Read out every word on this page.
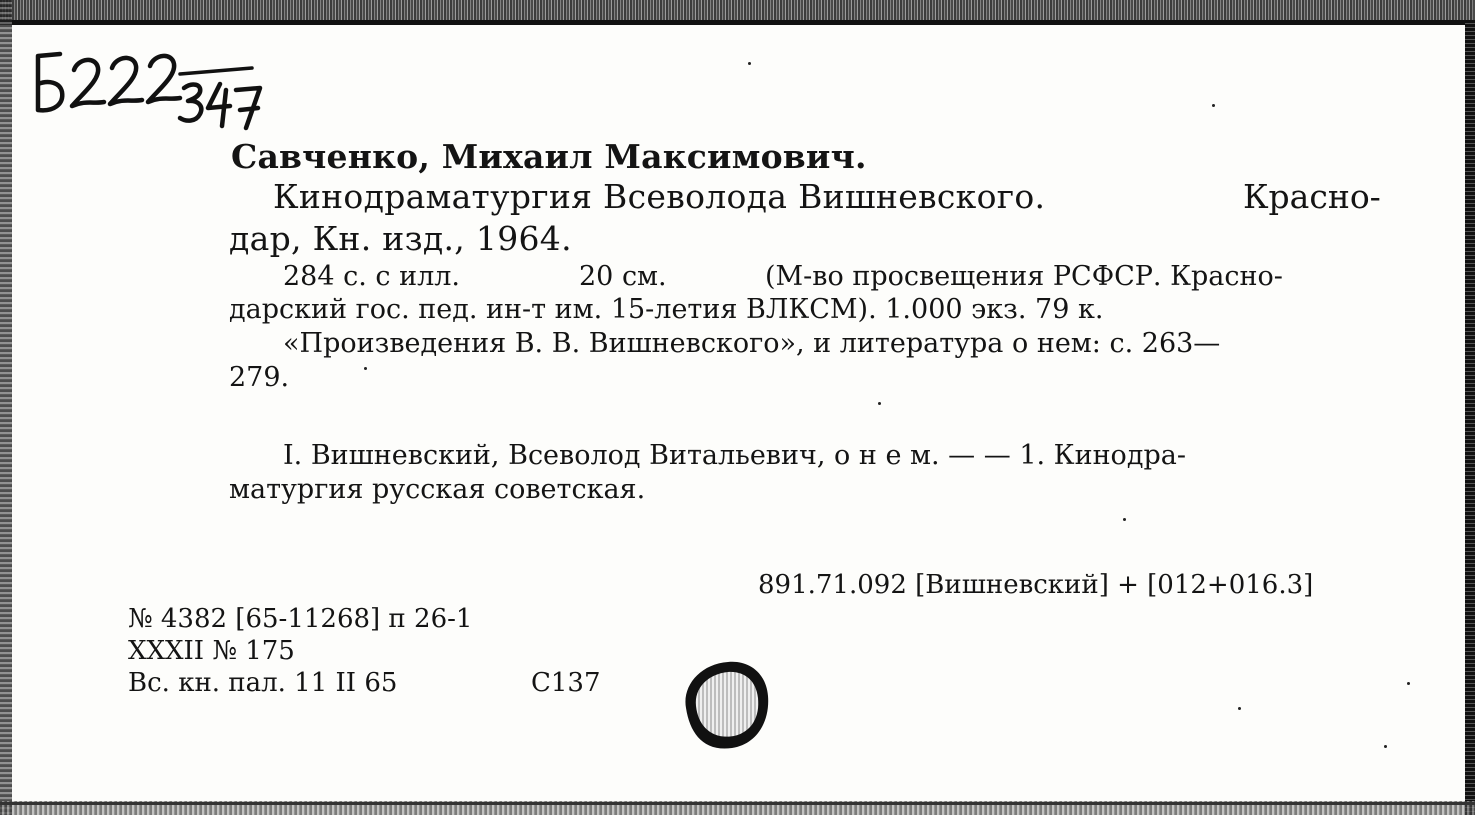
Савченко, Михаил Максимович.
Кинодраматургия Всеволода Вишневского.	Красно-
дар, Кн. изд., 1964.
284 с. с илл.	20 см.	(М-во просвещения РСФСР. Красно-
дарский гос. пед. ин-т им. 15-летия ВЛКСМ). 1.000 экз. 79 к.
«Произведения В. В. Вишневского», и литература о нем: с. 263—
279.
I. Вишневский, Всеволод Витальевич, о н е м. — — 1. Кинодра-
матургия русская советская.
891.71.092 [Вишневский] + [012+016.3]
№ 4382 [65-11268] п 26-1
XXXII № 175
Вс. кн. пал. 11 II 65	С137
